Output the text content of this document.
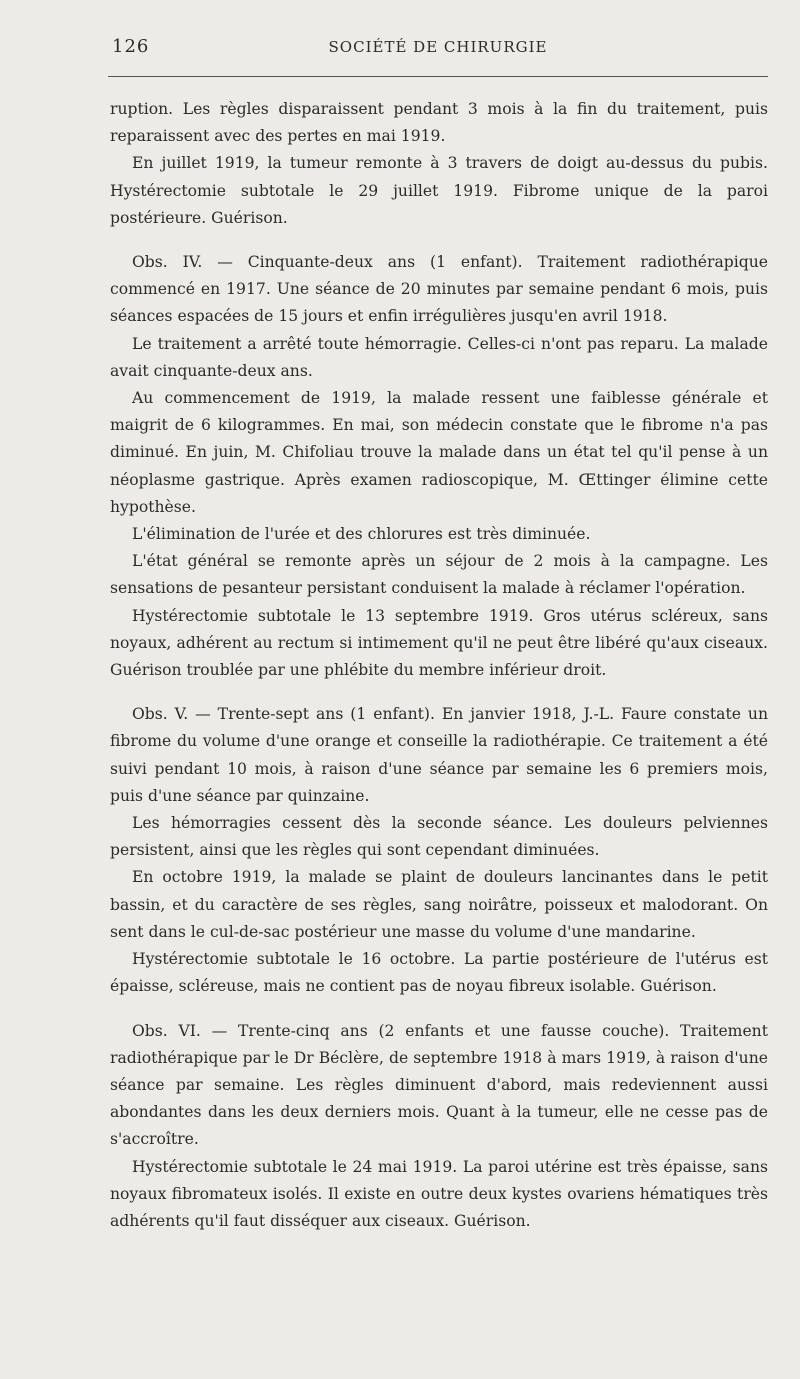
126	SOCIÉTÉ DE CHIRURGIE

ruption. Les règles disparaissent pendant 3 mois à la fin du traitement, puis reparaissent avec des pertes en mai 1919.

En juillet 1919, la tumeur remonte à 3 travers de doigt au-dessus du pubis. Hystérectomie subtotale le 29 juillet 1919. Fibrome unique de la paroi postérieure. Guérison.

Obs. IV. — Cinquante-deux ans (1 enfant). Traitement radiothérapique commencé en 1917. Une séance de 20 minutes par semaine pendant 6 mois, puis séances espacées de 15 jours et enfin irrégulières jusqu'en avril 1918.

Le traitement a arrêté toute hémorragie. Celles-ci n'ont pas reparu. La malade avait cinquante-deux ans.

Au commencement de 1919, la malade ressent une faiblesse générale et maigrit de 6 kilogrammes. En mai, son médecin constate que le fibrome n'a pas diminué. En juin, M. Chifoliau trouve la malade dans un état tel qu'il pense à un néoplasme gastrique. Après examen radioscopique, M. Œttinger élimine cette hypothèse.

L'élimination de l'urée et des chlorures est très diminuée.

L'état général se remonte après un séjour de 2 mois à la campagne. Les sensations de pesanteur persistant conduisent la malade à réclamer l'opération.

Hystérectomie subtotale le 13 septembre 1919. Gros utérus scléreux, sans noyaux, adhérent au rectum si intimement qu'il ne peut être libéré qu'aux ciseaux. Guérison troublée par une phlébite du membre inférieur droit.

Obs. V. — Trente-sept ans (1 enfant). En janvier 1918, J.-L. Faure constate un fibrome du volume d'une orange et conseille la radiothérapie. Ce traitement a été suivi pendant 10 mois, à raison d'une séance par semaine les 6 premiers mois, puis d'une séance par quinzaine.

Les hémorragies cessent dès la seconde séance. Les douleurs pelviennes persistent, ainsi que les règles qui sont cependant diminuées.

En octobre 1919, la malade se plaint de douleurs lancinantes dans le petit bassin, et du caractère de ses règles, sang noirâtre, poisseux et malodorant. On sent dans le cul-de-sac postérieur une masse du volume d'une mandarine.

Hystérectomie subtotale le 16 octobre. La partie postérieure de l'utérus est épaisse, scléreuse, mais ne contient pas de noyau fibreux isolable. Guérison.

Obs. VI. — Trente-cinq ans (2 enfants et une fausse couche). Traitement radiothérapique par le Dr Béclère, de septembre 1918 à mars 1919, à raison d'une séance par semaine. Les règles diminuent d'abord, mais redeviennent aussi abondantes dans les deux derniers mois. Quant à la tumeur, elle ne cesse pas de s'accroître.

Hystérectomie subtotale le 24 mai 1919. La paroi utérine est très épaisse, sans noyaux fibromateux isolés. Il existe en outre deux kystes ovariens hématiques très adhérents qu'il faut disséquer aux ciseaux. Guérison.
